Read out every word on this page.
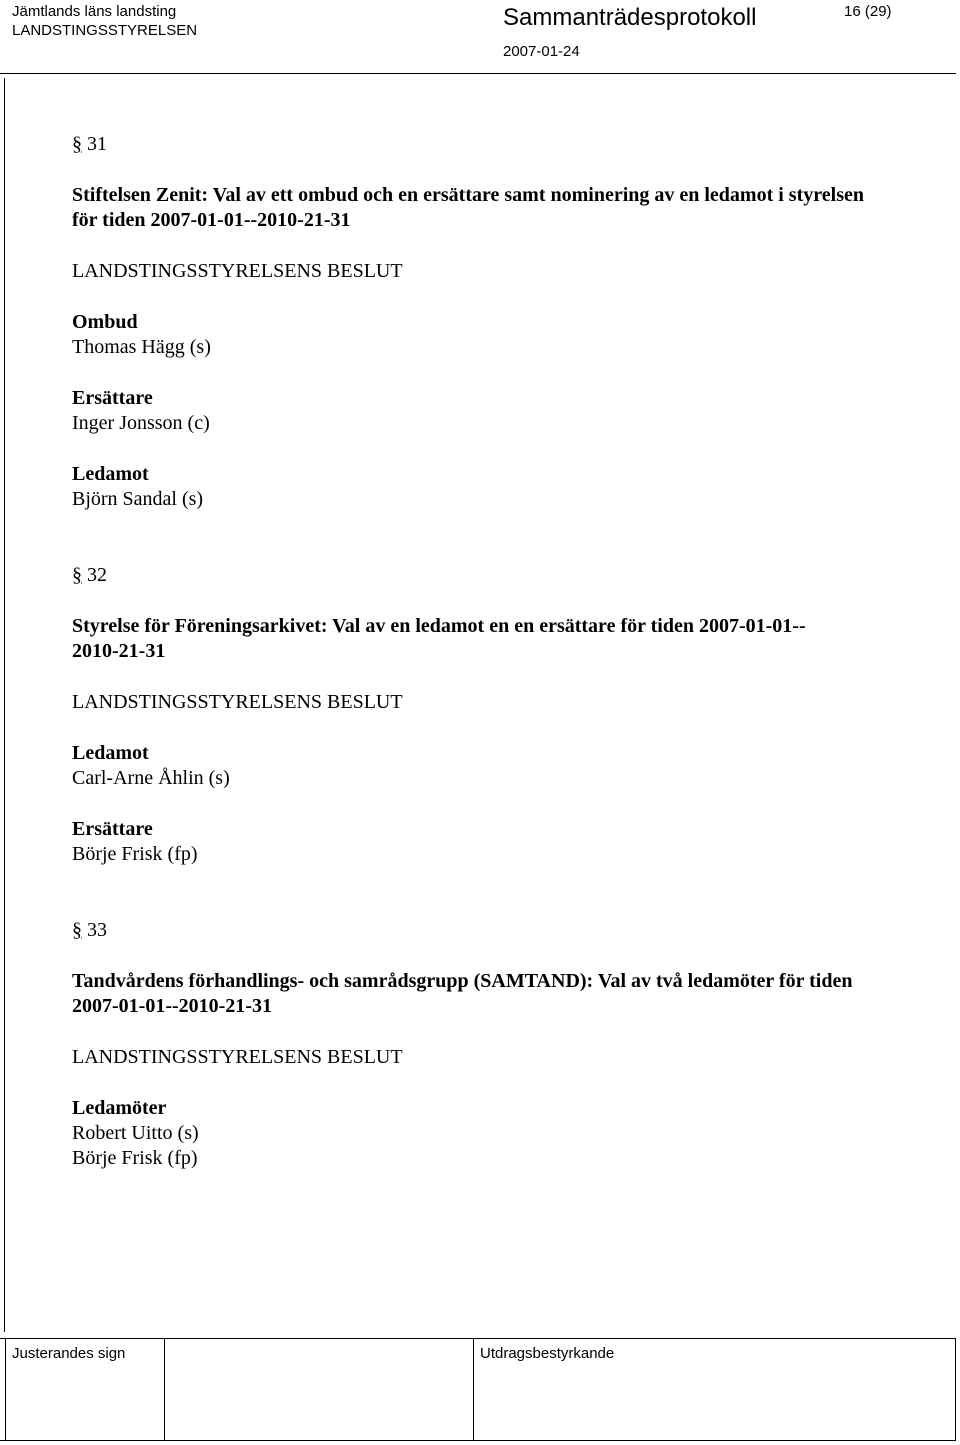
Jämtlands läns landsting
LANDSTINGSSTYRELSEN	Sammanträdesprotokoll
2007-01-24
16 (29)

§ 31

Stiftelsen Zenit: Val av ett ombud och en ersättare samt nominering av en ledamot i styrelsen

för tiden 2007-01-01--2010-21-31

LANDSTINGSSTYRELSENS BESLUT

Ombud

Thomas Hägg (s)

Ersättare

Inger Jonsson (c)

Ledamot

Björn Sandal (s)

§ 32

Styrelse för Föreningsarkivet: Val av en ledamot en en ersättare för tiden 2007-01-01--

2010-21-31

LANDSTINGSSTYRELSENS BESLUT

Ledamot

Carl-Arne Åhlin (s)

Ersättare

Börje Frisk (fp)

§ 33

Tandvårdens förhandlings- och samrådsgrupp (SAMTAND): Val av två ledamöter för tiden

2007-01-01--2010-21-31

LANDSTINGSSTYRELSENS BESLUT

Ledamöter

Robert Uitto (s)

Börje Frisk (fp)

Justerandes sign	Utdragsbestyrkande
